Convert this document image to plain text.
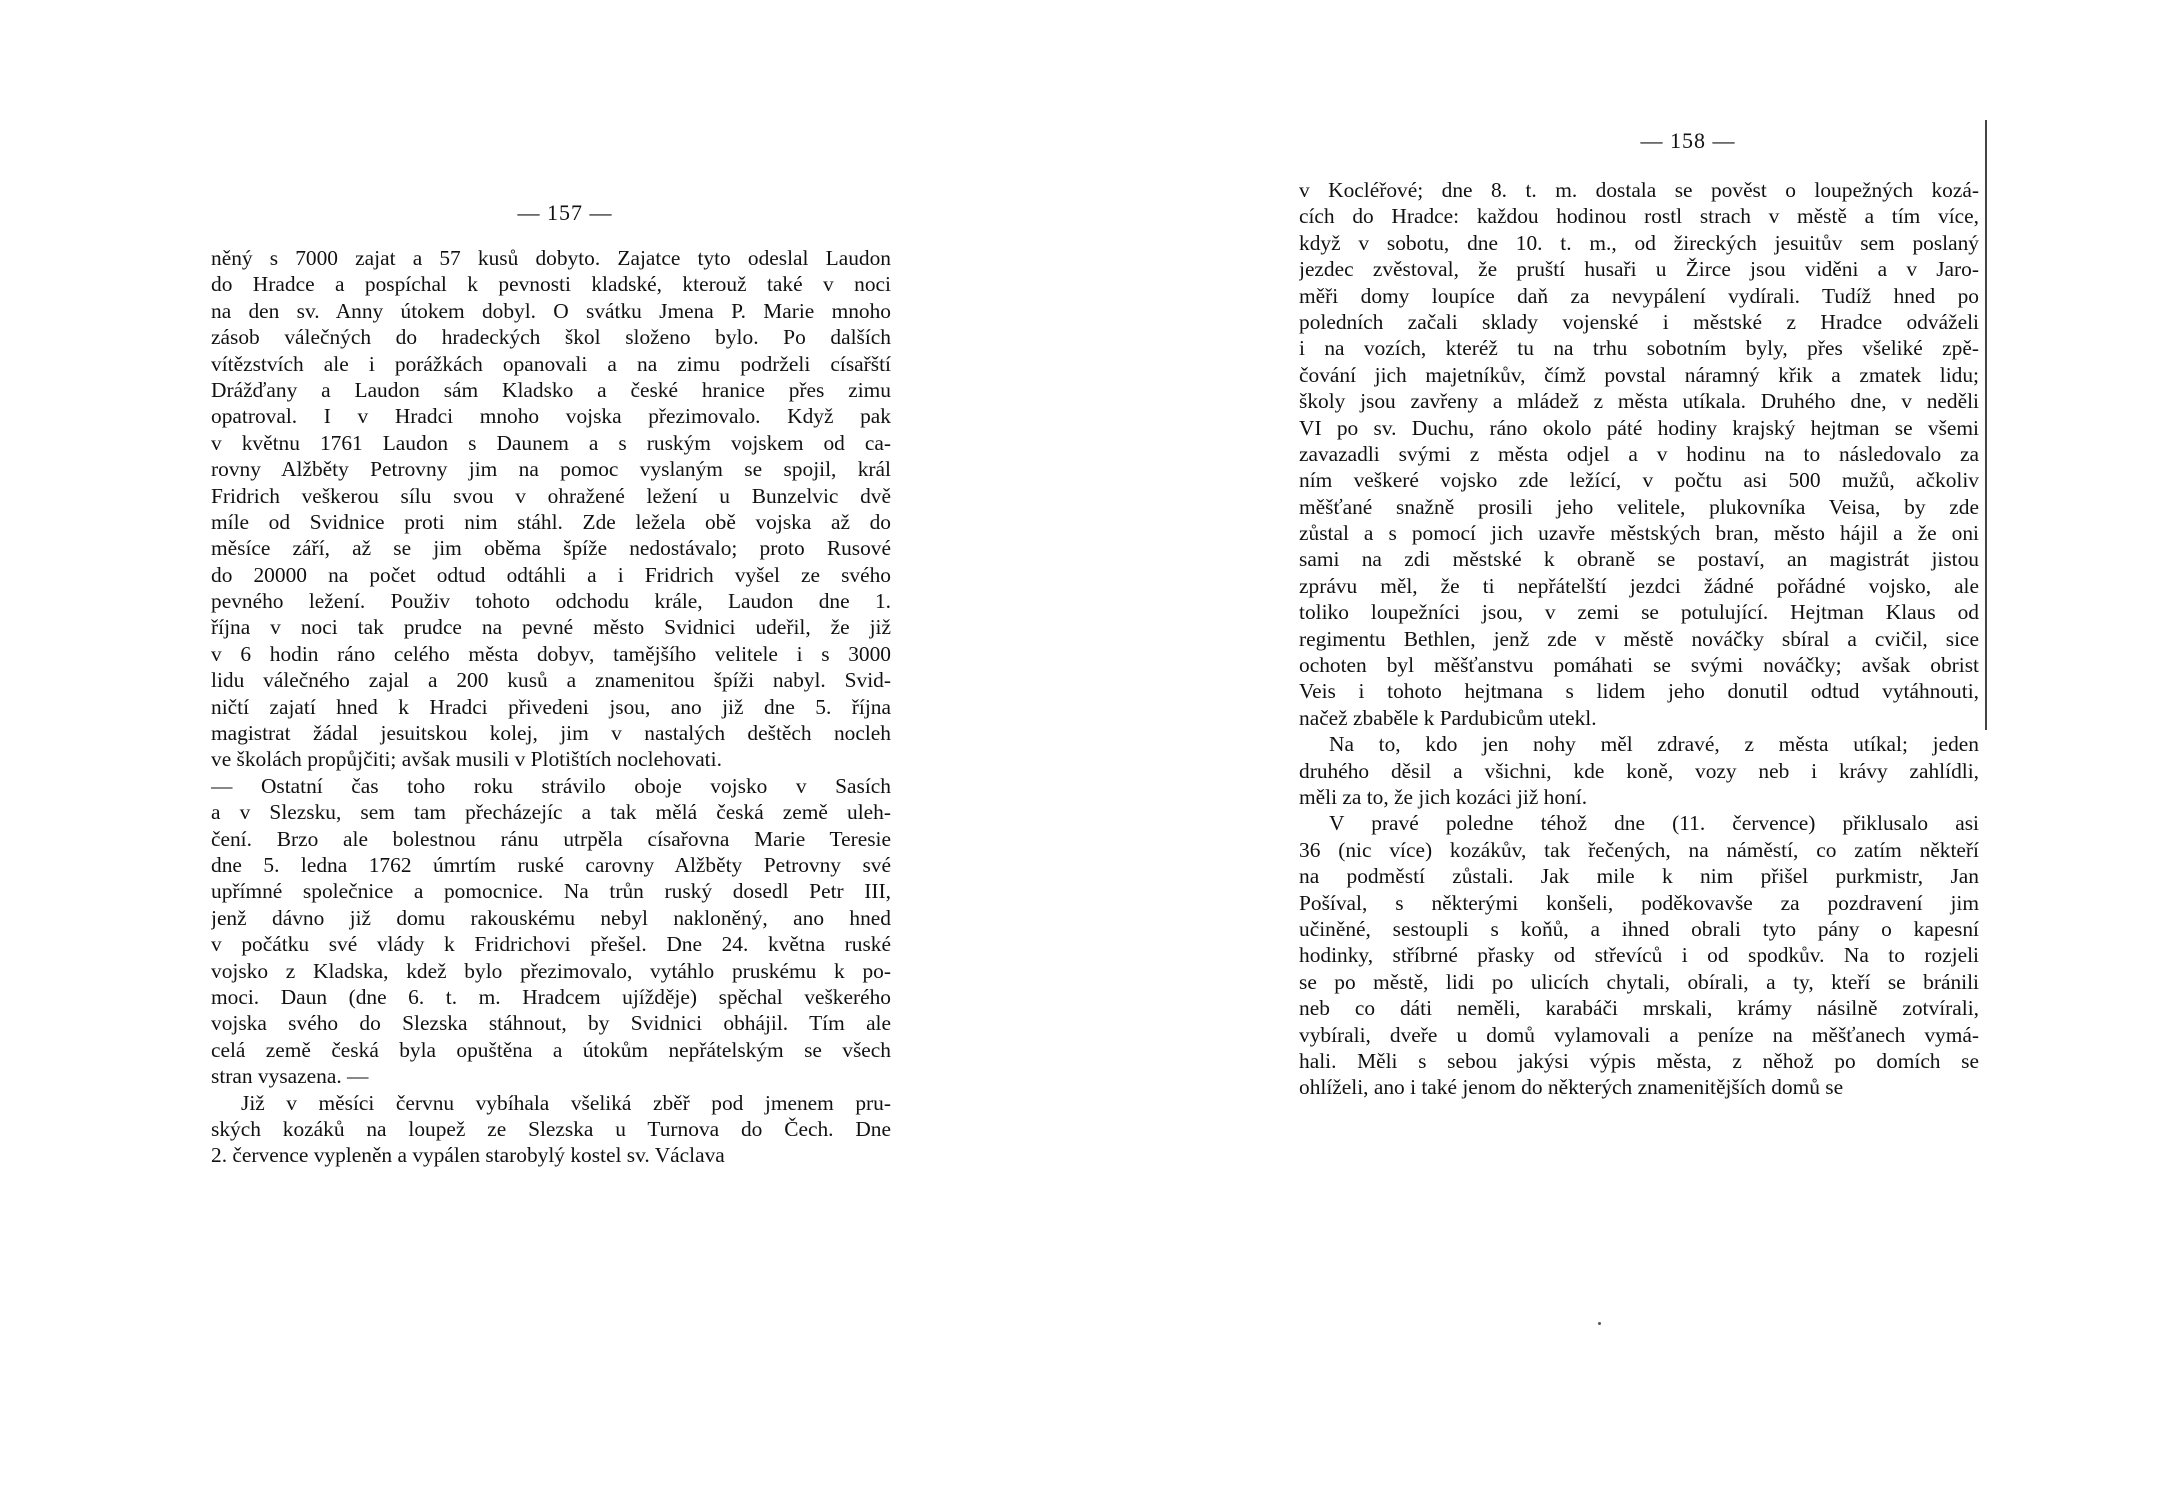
— 157 —
něný s 7000 zajat a 57 kusů dobyto. Zajatce tyto odeslal Laudon
do Hradce a pospíchal k pevnosti kladské, kterouž také v noci
na den sv. Anny útokem dobyl. O svátku Jmena P. Marie mnoho
zásob válečných do hradeckých škol složeno bylo. Po dalších
vítězstvích ale i porážkách opanovali a na zimu podrželi císařští
Drážďany a Laudon sám Kladsko a české hranice přes zimu
opatroval. I v Hradci mnoho vojska přezimovalo. Když pak
v květnu 1761 Laudon s Daunem a s ruským vojskem od ca-
rovny Alžběty Petrovny jim na pomoc vyslaným se spojil, král
Fridrich veškerou sílu svou v ohražené ležení u Bunzelvic dvě
míle od Svidnice proti nim stáhl. Zde ležela obě vojska až do
měsíce září, až se jim oběma špíže nedostávalo; proto Rusové
do 20000 na počet odtud odtáhli a i Fridrich vyšel ze svého
pevného ležení. Použiv tohoto odchodu krále, Laudon dne 1.
října v noci tak prudce na pevné město Svidnici udeřil, že již
v 6 hodin ráno celého města dobyv, tamějšího velitele i s 3000
lidu válečného zajal a 200 kusů a znamenitou špíži nabyl. Svid-
ničtí zajatí hned k Hradci přivedeni jsou, ano již dne 5. října
magistrat žádal jesuitskou kolej, jim v nastalých deštěch nocleh
ve školách propůjčiti; avšak musili v Plotištích noclehovati.
— Ostatní čas toho roku strávilo oboje vojsko v Sasích
a v Slezsku, sem tam přecházejíc a tak mělá česká země uleh-
čení. Brzo ale bolestnou ránu utrpěla císařovna Marie Teresie
dne 5. ledna 1762 úmrtím ruské carovny Alžběty Petrovny své
upřímné společnice a pomocnice. Na trůn ruský dosedl Petr III,
jenž dávno již domu rakouskému nebyl nakloněný, ano hned
v počátku své vlády k Fridrichovi přešel. Dne 24. května ruské
vojsko z Kladska, kdež bylo přezimovalo, vytáhlo pruskému k po-
moci. Daun (dne 6. t. m. Hradcem ujížděje) spěchal veškerého
vojska svého do Slezska stáhnout, by Svidnici obhájil. Tím ale
celá země česká byla opuštěna a útokům nepřátelským se všech
stran vysazena. —
Již v měsíci červnu vybíhala všeliká zběř pod jmenem pru-
ských kozáků na loupež ze Slezska u Turnova do Čech. Dne
2. července vypleněn a vypálen starobylý kostel sv. Václava
— 158 —
v Kocléřové; dne 8. t. m. dostala se pověst o loupežných kozá-
cích do Hradce: každou hodinou rostl strach v městě a tím více,
když v sobotu, dne 10. t. m., od žireckých jesuitův sem poslaný
jezdec zvěstoval, že pruští husaři u Žirce jsou viděni a v Jaro-
měři domy loupíce daň za nevypálení vydírali. Tudíž hned po
poledních začali sklady vojenské i městské z Hradce odváželi
i na vozích, kteréž tu na trhu sobotním byly, přes všeliké zpě-
čování jich majetníkův, čímž povstal náramný křik a zmatek lidu;
školy jsou zavřeny a mládež z města utíkala. Druhého dne, v neděli
VI po sv. Duchu, ráno okolo páté hodiny krajský hejtman se všemi
zavazadli svými z města odjel a v hodinu na to následovalo za
ním veškeré vojsko zde ležící, v počtu asi 500 mužů, ačkoliv
měšťané snažně prosili jeho velitele, plukovníka Veisa, by zde
zůstal a s pomocí jich uzavře městských bran, město hájil a že oni
sami na zdi městské k obraně se postaví, an magistrát jistou
zprávu měl, že ti nepřátelští jezdci žádné pořádné vojsko, ale
toliko loupežníci jsou, v zemi se potulující. Hejtman Klaus od
regimentu Bethlen, jenž zde v městě nováčky sbíral a cvičil, sice
ochoten byl měšťanstvu pomáhati se svými nováčky; avšak obrist
Veis i tohoto hejtmana s lidem jeho donutil odtud vytáhnouti,
načež zbaběle k Pardubicům utekl.
Na to, kdo jen nohy měl zdravé, z města utíkal; jeden
druhého děsil a všichni, kde koně, vozy neb i krávy zahlídli,
měli za to, že jich kozáci již honí.
V pravé poledne téhož dne (11. července) přiklusalo asi
36 (nic více) kozákův, tak řečených, na náměstí, co zatím někteří
na podměstí zůstali. Jak mile k nim přišel purkmistr, Jan
Pošíval, s některými konšeli, poděkovavše za pozdravení jim
učiněné, sestoupli s koňů, a ihned obrali tyto pány o kapesní
hodinky, stříbrné přasky od střevíců i od spodkův. Na to rozjeli
se po městě, lidi po ulicích chytali, obírali, a ty, kteří se bránili
neb co dáti neměli, karabáči mrskali, krámy násilně zotvírali,
vybírali, dveře u domů vylamovali a peníze na měšťanech vymá-
hali. Měli s sebou jakýsi výpis města, z něhož po domích se
ohlíželi, ano i také jenom do některých znamenitějších domů se
